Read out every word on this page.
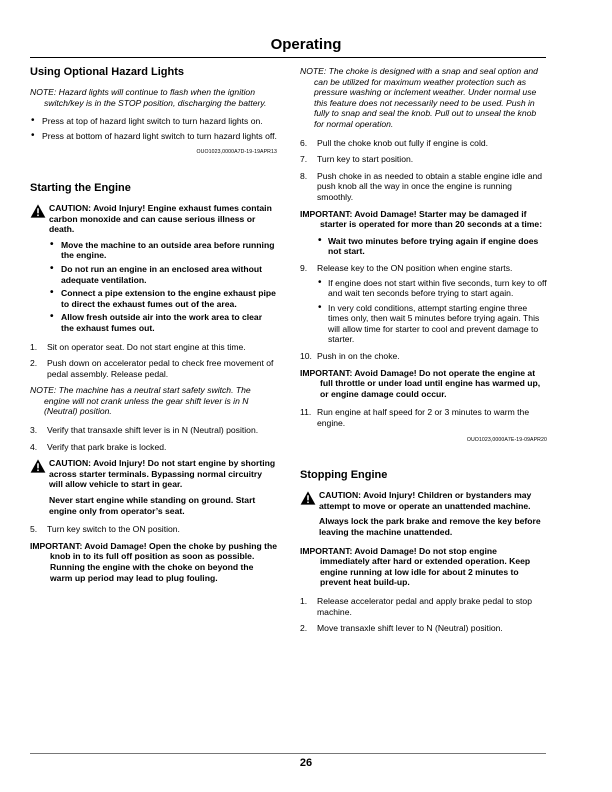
Operating
Using Optional Hazard Lights

NOTE: Hazard lights will continue to flash when the ignition switch/key is in the STOP position, discharging the battery.

• Press at top of hazard light switch to turn hazard lights on.
• Press at bottom of hazard light switch to turn hazard lights off.

OUO1023,0000A7D-19-19APR13

Starting the Engine

CAUTION: Avoid Injury! Engine exhaust fumes contain carbon monoxide and can cause serious illness or death.

• Move the machine to an outside area before running the engine.
• Do not run an engine in an enclosed area without adequate ventilation.
• Connect a pipe extension to the engine exhaust pipe to direct the exhaust fumes out of the area.
• Allow fresh outside air into the work area to clear the exhaust fumes out.
1. Sit on operator seat. Do not start engine at this time.
2. Push down on accelerator pedal to check free movement of pedal assembly. Release pedal.

NOTE: The machine has a neutral start safety switch. The engine will not crank unless the gear shift lever is in N (Neutral) position.

3. Verify that transaxle shift lever is in N (Neutral) position.
4. Verify that park brake is locked.

CAUTION: Avoid Injury! Do not start engine by shorting across starter terminals. Bypassing normal circuitry will allow vehicle to start in gear.

Never start engine while standing on ground. Start engine only from operator’s seat.

5. Turn key switch to the ON position.

IMPORTANT: Avoid Damage! Open the choke by pushing the knob in to its full off position as soon as possible. Running the engine with the choke on beyond the warm up period may lead to plug fouling.

NOTE: The choke is designed with a snap and seal option and can be utilized for maximum weather protection such as pressure washing or inclement weather. Under normal use this feature does not necessarily need to be used. Push in fully to snap and seal the knob. Pull out to unseal the knob for normal operation.

6. Pull the choke knob out fully if engine is cold.
7. Turn key to start position.
8. Push choke in as needed to obtain a stable engine idle and push knob all the way in once the engine is running smoothly.

IMPORTANT: Avoid Damage! Starter may be damaged if starter is operated for more than 20 seconds at a time:

• Wait two minutes before trying again if engine does not start.
9. Release key to the ON position when engine starts.
• If engine does not start within five seconds, turn key to off and wait ten seconds before trying to start again.
• In very cold conditions, attempt starting engine three times only, then wait 5 minutes before trying again. This will allow time for starter to cool and prevent damage to starter.
10. Push in on the choke.

IMPORTANT: Avoid Damage! Do not operate the engine at full throttle or under load until engine has warmed up, or engine damage could occur.

11. Run engine at half speed for 2 or 3 minutes to warm the engine.

OUO1023,0000A7E-19-09APR20

Stopping Engine

CAUTION: Avoid Injury! Children or bystanders may attempt to move or operate an unattended machine.

Always lock the park brake and remove the key before leaving the machine unattended.

IMPORTANT: Avoid Damage! Do not stop engine immediately after hard or extended operation. Keep engine running at low idle for about 2 minutes to prevent heat build-up.

1. Release accelerator pedal and apply brake pedal to stop machine.
2. Move transaxle shift lever to N (Neutral) position.
26
